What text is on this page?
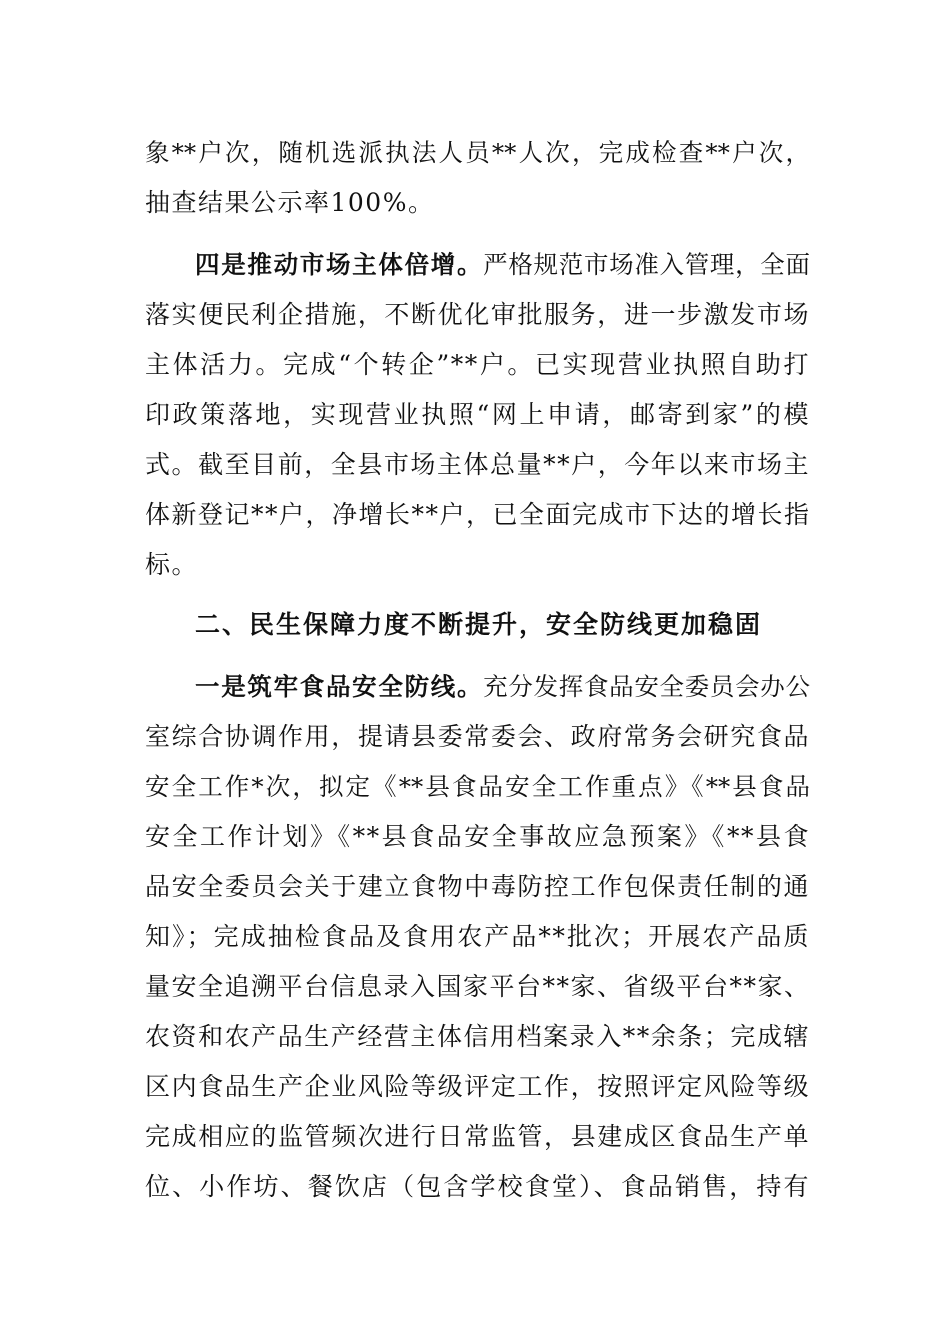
象**户次，随机选派执法人员**人次，完成检查**户次，
抽查结果公示率100%。
四是推动市场主体倍增。严格规范市场准入管理，全面
落实便民利企措施，不断优化审批服务，进一步激发市场
主体活力。完成“个转企”**户。已实现营业执照自助打
印政策落地，实现营业执照“网上申请，邮寄到家”的模
式。截至目前，全县市场主体总量**户，今年以来市场主
体新登记**户，净增长**户，已全面完成市下达的增长指
标。
二、民生保障力度不断提升，安全防线更加稳固
一是筑牢食品安全防线。充分发挥食品安全委员会办公
室综合协调作用，提请县委常委会、政府常务会研究食品
安全工作*次，拟定《**县食品安全工作重点》《**县食品
安全工作计划》《**县食品安全事故应急预案》《**县食
品安全委员会关于建立食物中毒防控工作包保责任制的通
知》；完成抽检食品及食用农产品**批次；开展农产品质
量安全追溯平台信息录入国家平台**家、省级平台**家、
农资和农产品生产经营主体信用档案录入**余条；完成辖
区内食品生产企业风险等级评定工作，按照评定风险等级
完成相应的监管频次进行日常监管，县建成区食品生产单
位、小作坊、餐饮店（包含学校食堂）、食品销售，持有
